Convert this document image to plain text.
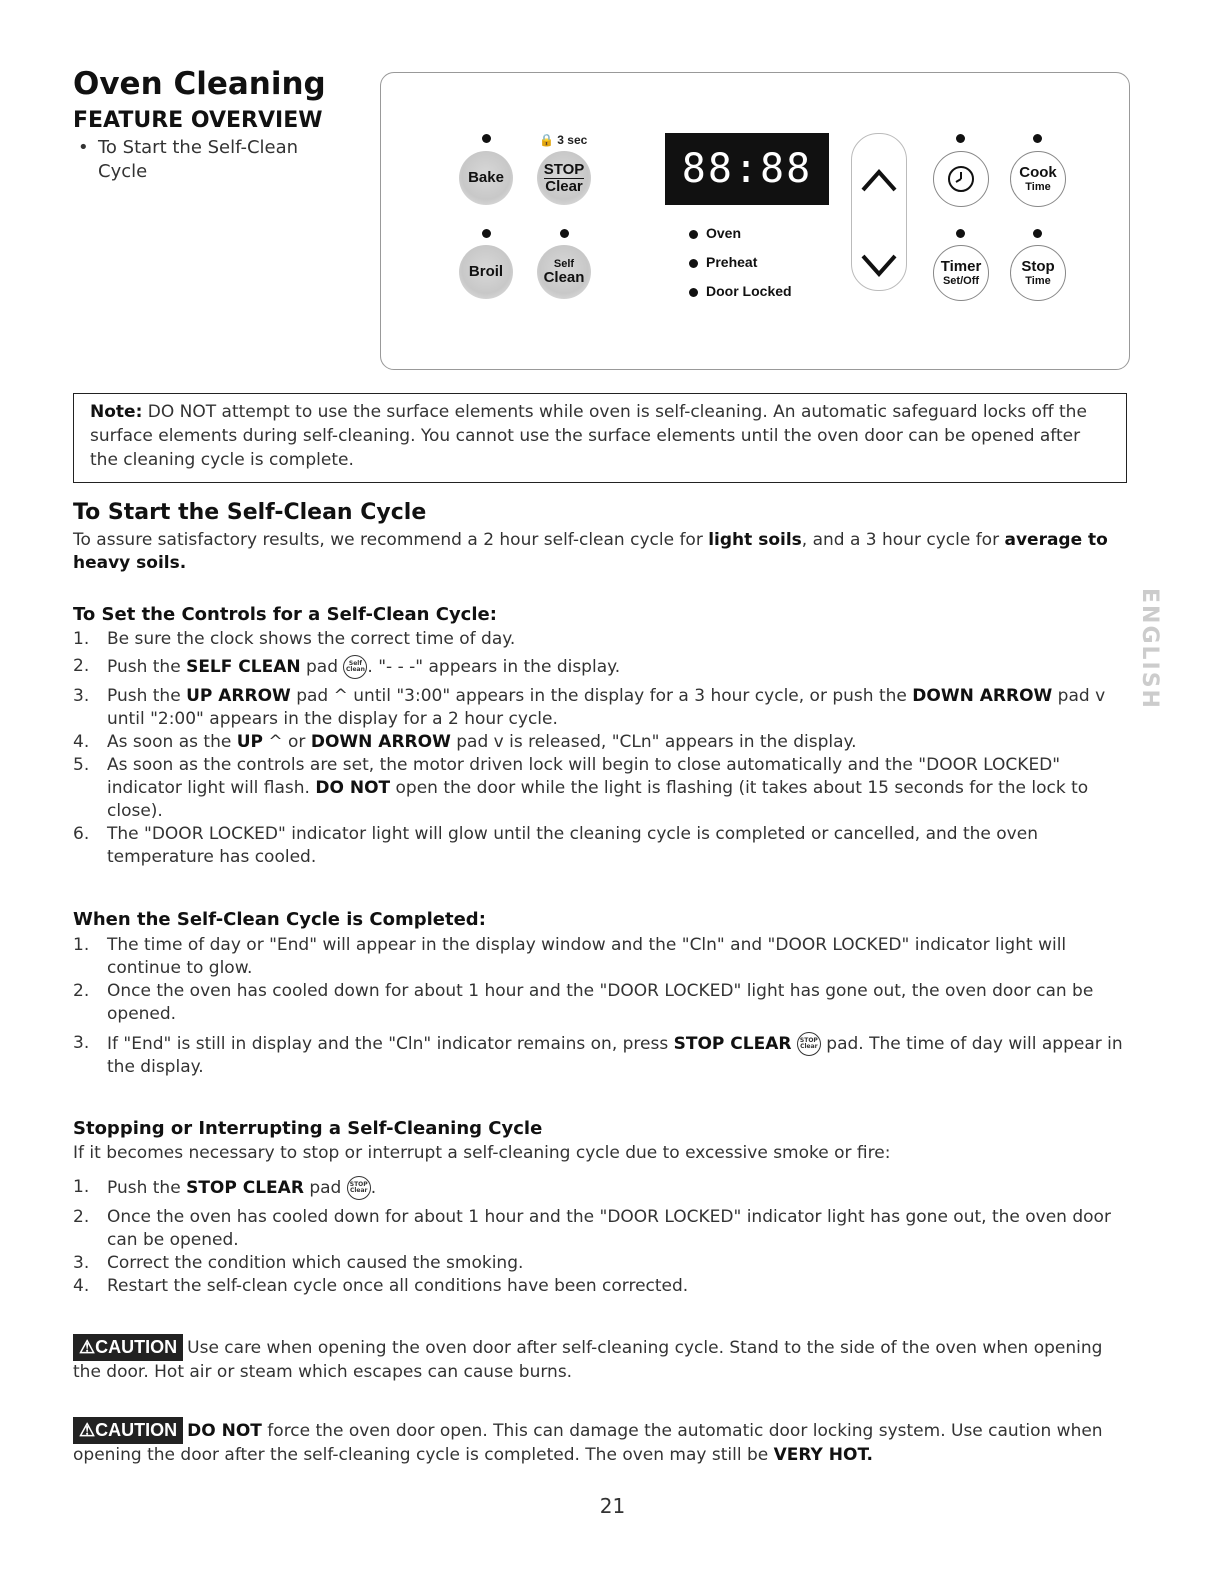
Oven Cleaning
FEATURE OVERVIEW
• To Start the Self-Clean Cycle
🔒 3 sec
Bake	STOP
Clear
Broil	Self
Clean
88:88
Oven
Preheat
Door Locked
Cook
Time
Timer
Set/Off
Stop
Time
Note: DO NOT attempt to use the surface elements while oven is self-cleaning. An automatic safeguard locks off the surface elements during self-cleaning. You cannot use the surface elements until the oven door can be opened after the cleaning cycle is complete.
To Start the Self-Clean Cycle
To assure satisfactory results, we recommend a 2 hour self-clean cycle for light soils, and a 3 hour cycle for average to heavy soils.
To Set the Controls for a Self-Clean Cycle:
1. Be sure the clock shows the correct time of day.
2. Push the SELF CLEAN pad Self
Clean . "- - -" appears in the display.
3. Push the UP ARROW pad ^ until "3:00" appears in the display for a 3 hour cycle, or push the DOWN ARROW pad v until "2:00" appears in the display for a 2 hour cycle.
4. As soon as the UP ^ or DOWN ARROW pad v is released, "CLn" appears in the display.
5. As soon as the controls are set, the motor driven lock will begin to close automatically and the "DOOR LOCKED" indicator light will flash. DO NOT open the door while the light is flashing (it takes about 15 seconds for the lock to close).
6. The "DOOR LOCKED" indicator light will glow until the cleaning cycle is completed or cancelled, and the oven temperature has cooled.
When the Self-Clean Cycle is Completed:
1. The time of day or "End" will appear in the display window and the "Cln" and "DOOR LOCKED" indicator light will continue to glow.
2. Once the oven has cooled down for about 1 hour and the "DOOR LOCKED" light has gone out, the oven door can be opened.
3. If "End" is still in display and the "Cln" indicator remains on, press STOP CLEAR STOP
Clear pad. The time of day will appear in the display.
Stopping or Interrupting a Self-Cleaning Cycle
If it becomes necessary to stop or interrupt a self-cleaning cycle due to excessive smoke or fire:
1. Push the STOP CLEAR pad STOP
Clear .
2. Once the oven has cooled down for about 1 hour and the "DOOR LOCKED" indicator light has gone out, the oven door can be opened.
3. Correct the condition which caused the smoking.
4. Restart the self-clean cycle once all conditions have been corrected.
⚠CAUTION Use care when opening the oven door after self-cleaning cycle. Stand to the side of the oven when opening the door. Hot air or steam which escapes can cause burns.
⚠CAUTION DO NOT force the oven door open. This can damage the automatic door locking system. Use caution when opening the door after the self-cleaning cycle is completed. The oven may still be VERY HOT.
ENGLISH
21
